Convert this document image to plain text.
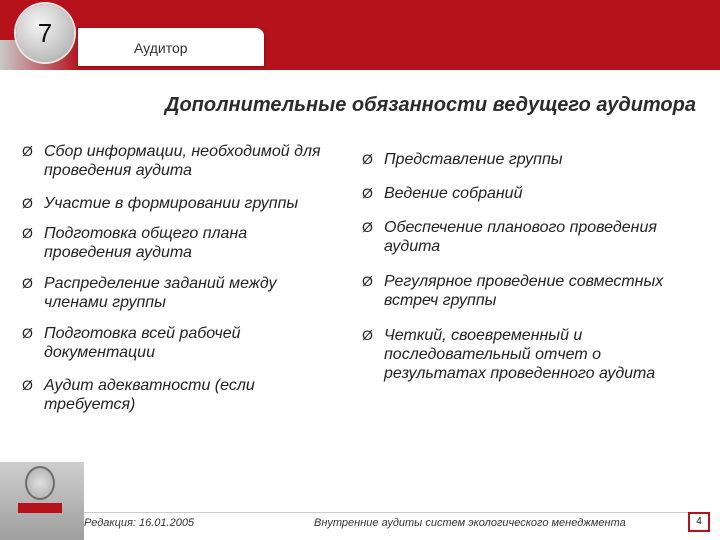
7
Аудитор
Дополнительные обязанности ведущего аудитора
Ø Сбор информации, необходимой для
проведения аудита
Ø Участие в формировании группы
Ø Подготовка общего плана
проведения аудита
Ø Распределение заданий между
членами группы
Ø Подготовка всей рабочей
документации
Ø Аудит адекватности (если
требуется)
Ø Представление группы
Ø Ведение собраний
Ø Обеспечение планового проведения
аудита
Ø Регулярное проведение совместных
встреч группы
Ø Четкий, своевременный и
последовательный отчет о
результатах проведенного аудита
Редакция: 16.01.2005	Внутренние аудиты систем экологического менеджмента	4
